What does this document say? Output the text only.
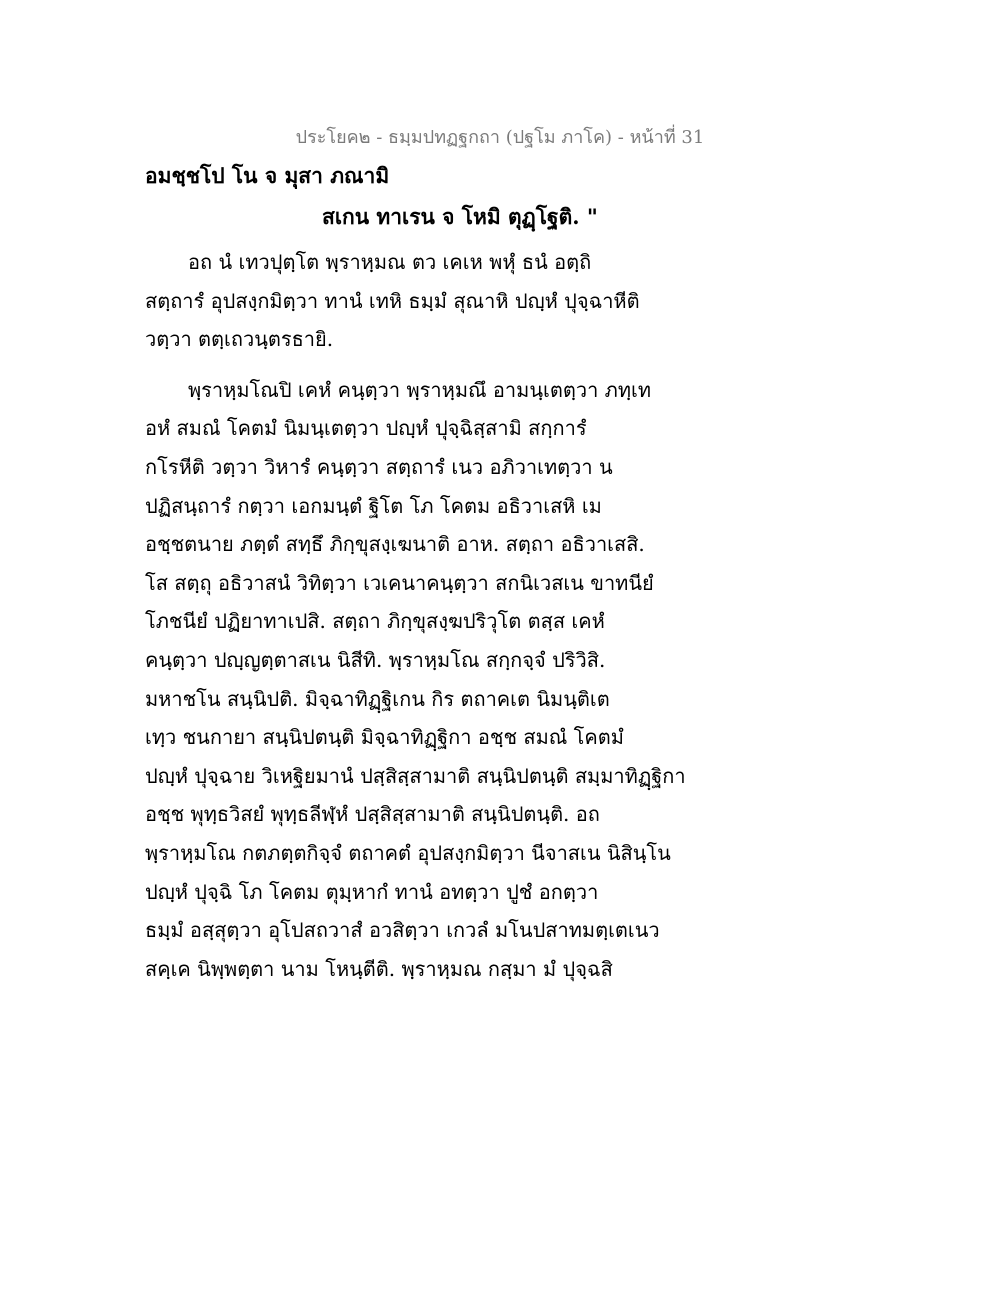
ประโยค๒ - ธมฺมปทฏฐกถา (ปฐโม ภาโค) - หน้าที่ 31
อมชฺชโป โน จ มุสา ภณามิ
สเกน ทาเรน จ โหมิ ตุฏฺโฐติ. "
อถ นํ เทวปุตฺโต พฺราหฺมณ ตว เคเห พหุํ ธนํ อตฺถิ
สตฺถารํ อุปสงฺกมิตฺวา ทานํ เทหิ ธมฺมํ สุณาหิ ปญฺหํ ปุจฺฉาหีติ
วตฺวา ตตฺเถวนฺตรธายิ.
พฺราหฺมโณปิ เคหํ คนฺตฺวา พฺราหฺมณึ อามนฺเตตฺวา ภทฺเท
อหํ สมณํ โคตมํ นิมนฺเตตฺวา ปญฺหํ ปุจฺฉิสฺสามิ สกฺการํ
กโรหีติ วตฺวา วิหารํ คนฺตฺวา สตฺถารํ เนว อภิวาเทตฺวา น
ปฏิสนฺถารํ กตฺวา เอกมนฺตํ ฐิโต โภ โคตม อธิวาเสหิ เม
อชฺชตนาย ภตฺตํ สทฺธึ ภิกฺขุสงฺเฆนาติ อาห. สตฺถา อธิวาเสสิ.
โส สตฺถุ อธิวาสนํ วิทิตฺวา เวเคนาคนฺตฺวา สกนิเวสเน ขาทนียํ
โภชนียํ ปฏิยาทาเปสิ. สตฺถา ภิกฺขุสงฺฆปริวุโต ตสฺส เคหํ
คนฺตฺวา ปญฺญตฺตาสเน นิสีทิ. พฺราหฺมโณ สกฺกจฺจํ ปริวิสิ.
มหาชโน สนฺนิปติ. มิจฺฉาทิฏฺฐิเกน กิร ตถาคเต นิมนฺติเต
เทฺว ชนกายา สนฺนิปตนฺติ มิจฺฉาทิฏฺฐิกา อชฺช สมณํ โคตมํ
ปญฺหํ ปุจฺฉาย วิเหฐิยมานํ ปสฺสิสฺสามาติ สนฺนิปตนฺติ สมฺมาทิฏฺฐิกา
อชฺช พุทฺธวิสยํ พุทฺธลีฬฺหํ ปสฺสิสฺสามาติ สนฺนิปตนฺติ. อถ
พฺราหฺมโณ กตภตฺตกิจฺจํ ตถาคตํ อุปสงฺกมิตฺวา นีจาสเน นิสินฺโน
ปญฺหํ ปุจฺฉิ โภ โคตม ตุมฺหากํ ทานํ อทตฺวา ปูชํ อกตฺวา
ธมฺมํ อสฺสุตฺวา อุโปสถวาสํ อวสิตฺวา เกวลํ มโนปสาทมตฺเตเนว
สคฺเค นิพฺพตฺตา นาม โหนฺตีติ. พฺราหฺมณ กสฺมา มํ ปุจฺฉสิ
